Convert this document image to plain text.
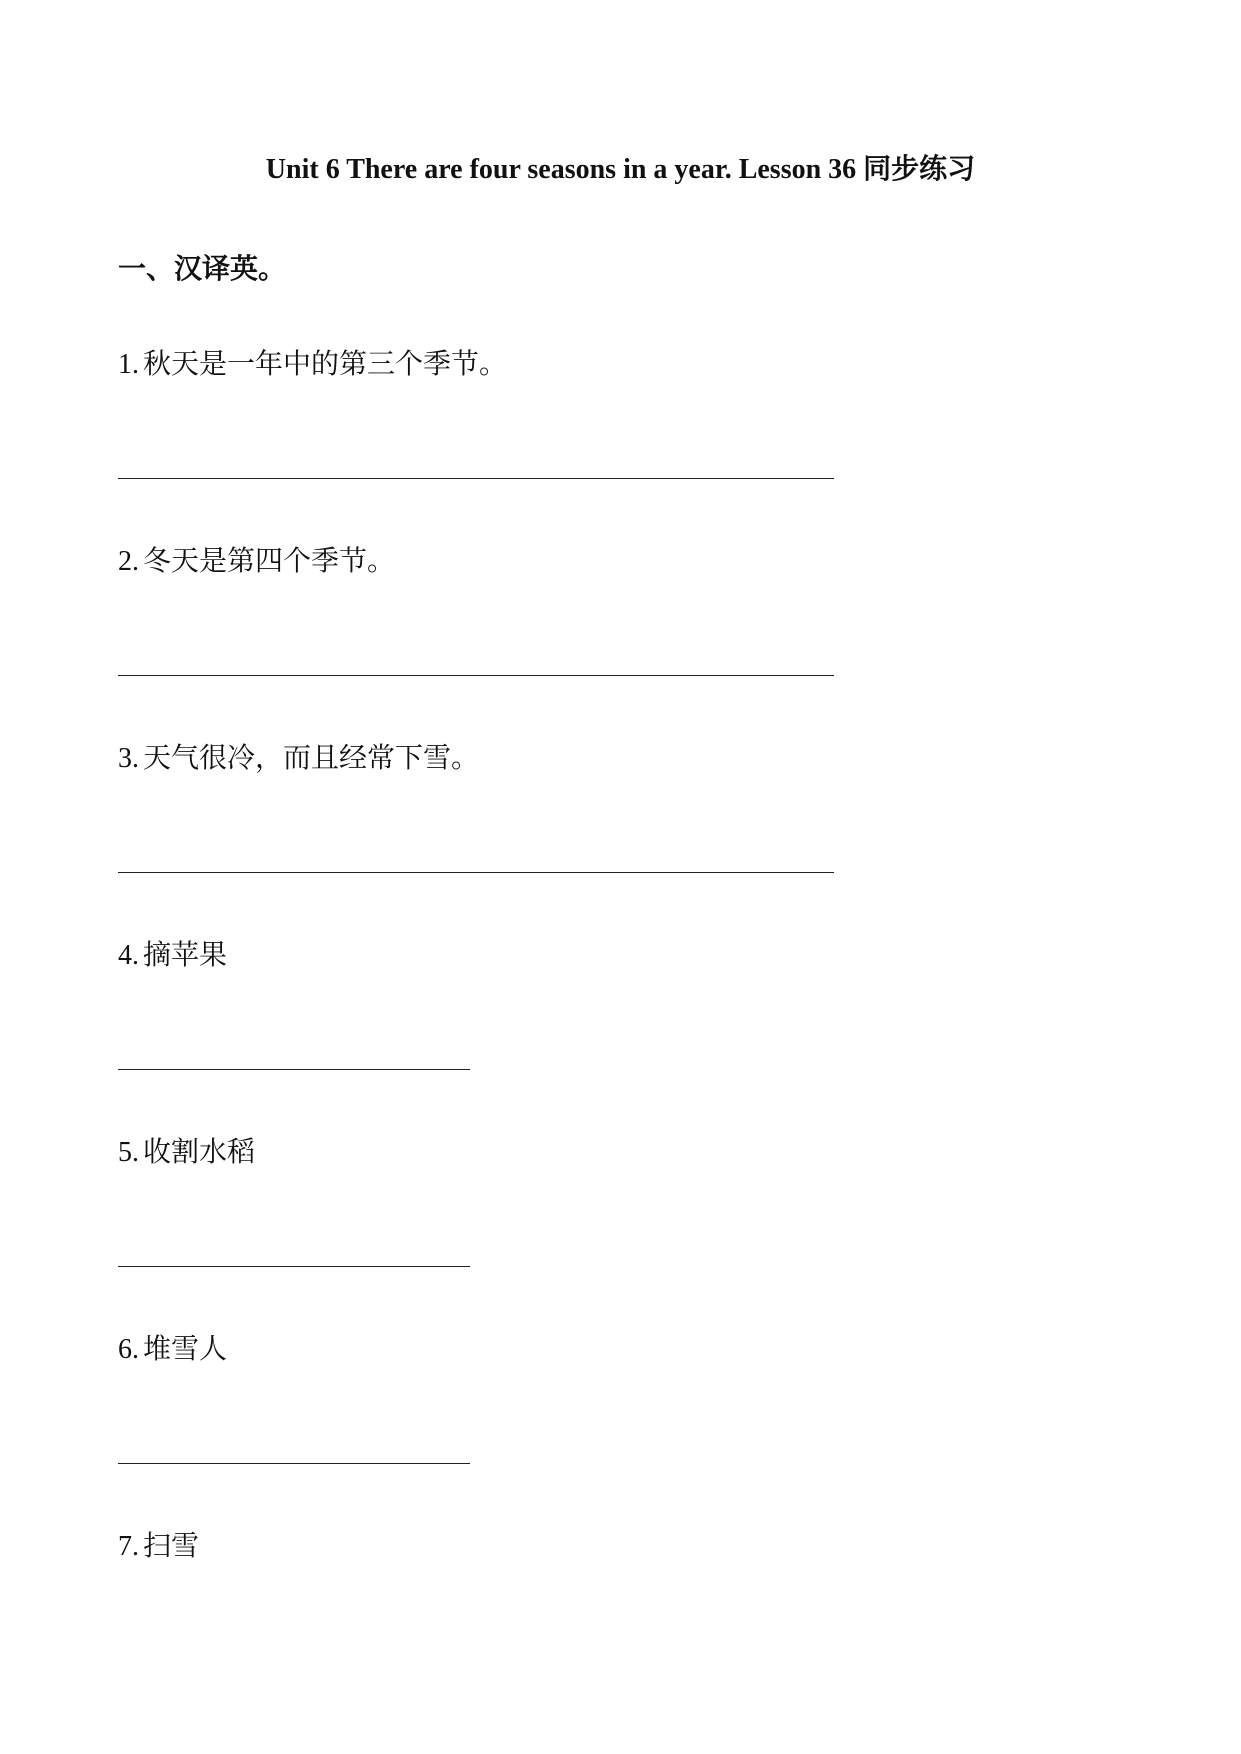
Unit 6 There are four seasons in a year. Lesson 36 同步练习
一、汉译英。
1. 秋天是一年中的第三个季节。
2. 冬天是第四个季节。
3. 天气很冷，而且经常下雪。
4. 摘苹果
5. 收割水稻
6. 堆雪人
7. 扫雪
